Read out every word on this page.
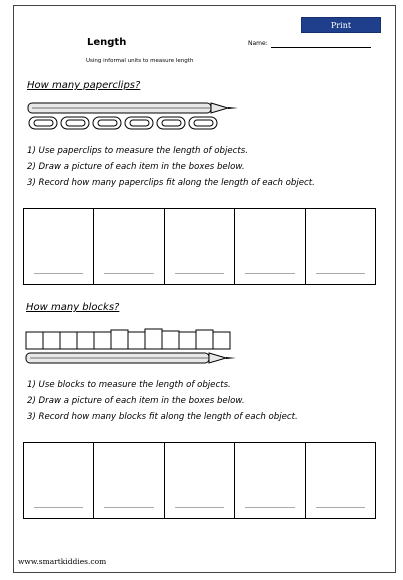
Print
Length
Using informal units to measure length
Name:
How many paperclips?
1) Use paperclips to measure the length of objects.
2) Draw a picture of each item in the boxes below.
3) Record how many paperclips fit along the length of each object.
How many blocks?
1) Use blocks to measure the length of objects.
2) Draw a picture of each item in the boxes below.
3) Record how many blocks fit along the length of each object.
www.smartkiddies.com
